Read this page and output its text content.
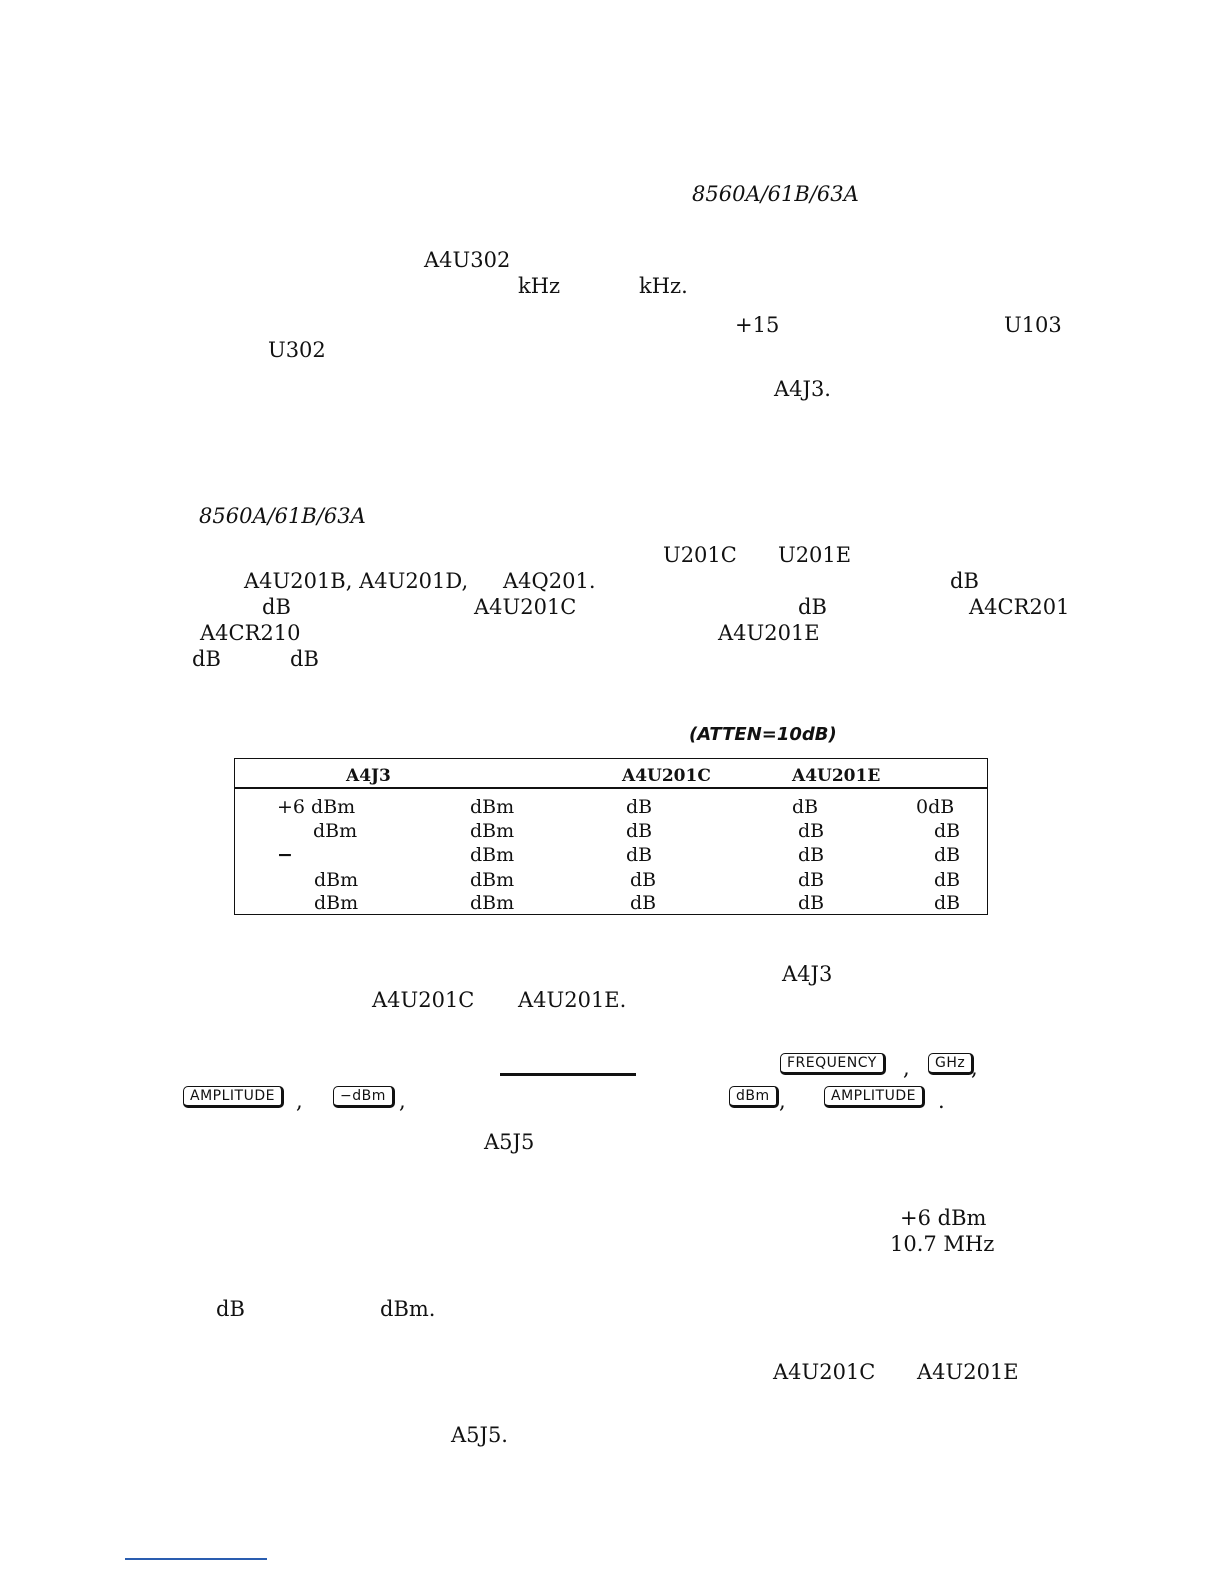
8560A/61B/63A
A4U302
kHz	kHz.
+15	U103
U302
A4J3.
8560A/61B/63A
U201C U201E
A4U201B, A4U201D, A4Q201.	dB
dB	A4U201C	dB	A4CR201
A4CR210	A4U201E
dB	dB
(ATTEN=10dB)
A4J3	A4U201C	A4U201E
+6 dBm	dBm	dB	dB	0dB
dBm	dBm	dB	dB	dB
−	dBm	dB	dB	dB
dBm	dBm	dB	dB	dB
dBm	dBm	dB	dB	dB
A4J3
A4U201C A4U201E.
FREQUENCY	,	GHz ,
AMPLITUDE	,	−dBm ,	dBm ,	AMPLITUDE	.
A5J5
+6 dBm
10.7 MHz
dB	dBm.
A4U201C A4U201E
A5J5.
